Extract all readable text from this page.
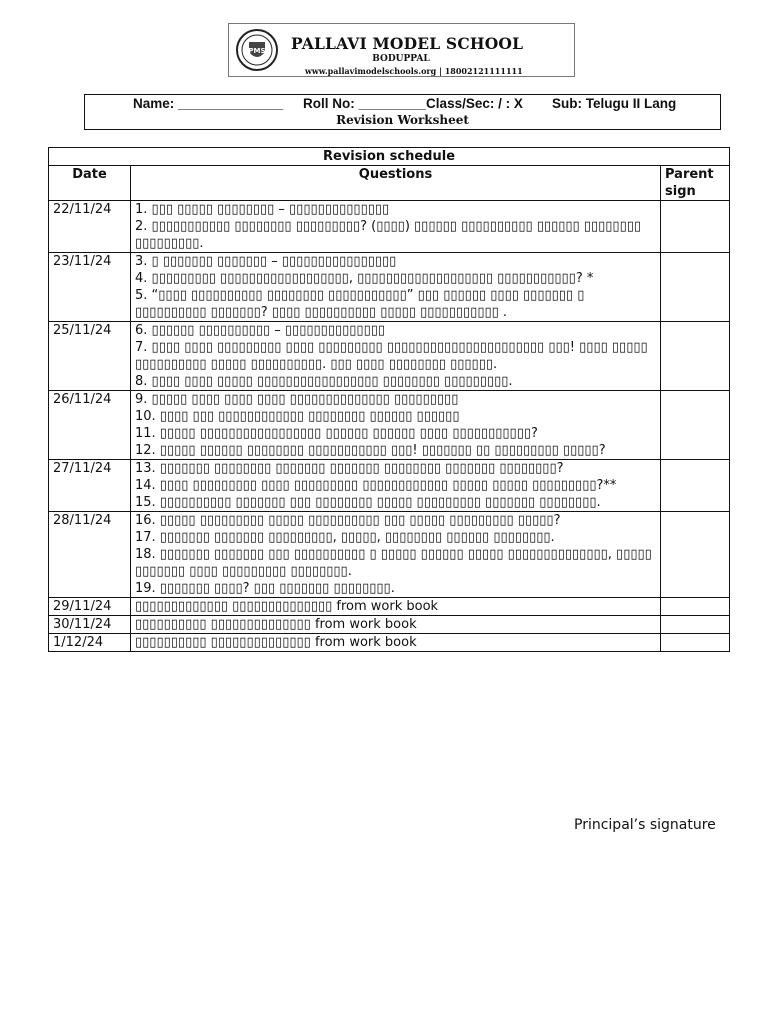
PMS PALLAVI MODEL SCHOOL
BODUPPAL
www.pallavimodelschools.org | 18002121111111
Name: ______________ Roll No: _________Class/Sec: / : X Sub: Telugu II Lang
Revision Worksheet
Revision schedule		
Date	Questions	Parent sign
22/11/24	1. ▯▯▯ ▯▯▯▯▯ ▯▯▯▯▯▯▯▯ – ▯▯▯▯▯▯▯▯▯▯▯▯▯▯
2. ▯▯▯▯▯▯▯▯▯▯▯ ▯▯▯▯▯▯▯▯ ▯▯▯▯▯▯▯▯▯? (▯▯▯▯) ▯▯▯▯▯▯ ▯▯▯▯▯▯▯▯▯▯ ▯▯▯▯▯▯ ▯▯▯▯▯▯▯▯ ▯▯▯▯▯▯▯▯▯.	

23/11/24	3. ▯ ▯▯▯▯▯▯▯ ▯▯▯▯▯▯▯ – ▯▯▯▯▯▯▯▯▯▯▯▯▯▯▯▯
4. ▯▯▯▯▯▯▯▯▯ ▯▯▯▯▯▯▯▯▯▯▯▯▯▯▯▯▯▯, ▯▯▯▯▯▯▯▯▯▯▯▯▯▯▯▯▯▯▯ ▯▯▯▯▯▯▯▯▯▯▯? *
5. “▯▯▯▯ ▯▯▯▯▯▯▯▯▯▯ ▯▯▯▯▯▯▯▯ ▯▯▯▯▯▯▯▯▯▯▯” ▯▯▯ ▯▯▯▯▯▯ ▯▯▯▯ ▯▯▯▯▯▯▯ ▯ ▯▯▯▯▯▯▯▯▯▯ ▯▯▯▯▯▯▯? ▯▯▯▯ ▯▯▯▯▯▯▯▯▯▯ ▯▯▯▯▯ ▯▯▯▯▯▯▯▯▯▯▯ .	

25/11/24	6. ▯▯▯▯▯▯ ▯▯▯▯▯▯▯▯▯▯ – ▯▯▯▯▯▯▯▯▯▯▯▯▯▯
7. ▯▯▯▯ ▯▯▯▯ ▯▯▯▯▯▯▯▯▯ ▯▯▯▯ ▯▯▯▯▯▯▯▯▯ ▯▯▯▯▯▯▯▯▯▯▯▯▯▯▯▯▯▯▯▯▯▯ ▯▯▯! ▯▯▯▯ ▯▯▯▯▯ ▯▯▯▯▯▯▯▯▯▯ ▯▯▯▯▯ ▯▯▯▯▯▯▯▯▯▯. ▯▯▯ ▯▯▯▯ ▯▯▯▯▯▯▯▯ ▯▯▯▯▯▯.
8. ▯▯▯▯ ▯▯▯▯ ▯▯▯▯▯ ▯▯▯▯▯▯▯▯▯▯▯▯▯▯▯▯▯ ▯▯▯▯▯▯▯▯ ▯▯▯▯▯▯▯▯▯.	

26/11/24	9. ▯▯▯▯▯ ▯▯▯▯ ▯▯▯▯ ▯▯▯▯ ▯▯▯▯▯▯▯▯▯▯▯▯▯▯ ▯▯▯▯▯▯▯▯▯
10. ▯▯▯▯ ▯▯▯ ▯▯▯▯▯▯▯▯▯▯▯▯ ▯▯▯▯▯▯▯▯ ▯▯▯▯▯▯ ▯▯▯▯▯▯
11. ▯▯▯▯▯ ▯▯▯▯▯▯▯▯▯▯▯▯▯▯▯▯▯ ▯▯▯▯▯▯ ▯▯▯▯▯▯ ▯▯▯▯ ▯▯▯▯▯▯▯▯▯▯▯?
12. ▯▯▯▯▯ ▯▯▯▯▯▯ ▯▯▯▯▯▯▯▯ ▯▯▯▯▯▯▯▯▯▯▯ ▯▯▯! ▯▯▯▯▯▯▯ ▯▯ ▯▯▯▯▯▯▯▯▯ ▯▯▯▯▯?	

27/11/24	13. ▯▯▯▯▯▯▯ ▯▯▯▯▯▯▯▯ ▯▯▯▯▯▯▯ ▯▯▯▯▯▯▯ ▯▯▯▯▯▯▯▯ ▯▯▯▯▯▯▯ ▯▯▯▯▯▯▯▯?
14. ▯▯▯▯ ▯▯▯▯▯▯▯▯▯ ▯▯▯▯ ▯▯▯▯▯▯▯▯▯ ▯▯▯▯▯▯▯▯▯▯▯▯ ▯▯▯▯▯ ▯▯▯▯▯ ▯▯▯▯▯▯▯▯▯?**
15. ▯▯▯▯▯▯▯▯▯▯ ▯▯▯▯▯▯▯ ▯▯▯ ▯▯▯▯▯▯▯▯ ▯▯▯▯▯ ▯▯▯▯▯▯▯▯▯ ▯▯▯▯▯▯▯ ▯▯▯▯▯▯▯▯.	

28/11/24	16. ▯▯▯▯▯ ▯▯▯▯▯▯▯▯▯ ▯▯▯▯▯ ▯▯▯▯▯▯▯▯▯▯ ▯▯▯ ▯▯▯▯▯ ▯▯▯▯▯▯▯▯▯ ▯▯▯▯▯?
17. ▯▯▯▯▯▯▯ ▯▯▯▯▯▯▯ ▯▯▯▯▯▯▯▯▯, ▯▯▯▯▯, ▯▯▯▯▯▯▯▯ ▯▯▯▯▯▯ ▯▯▯▯▯▯▯▯.
18. ▯▯▯▯▯▯▯ ▯▯▯▯▯▯▯ ▯▯▯ ▯▯▯▯▯▯▯▯▯▯ ▯ ▯▯▯▯▯ ▯▯▯▯▯▯ ▯▯▯▯▯ ▯▯▯▯▯▯▯▯▯▯▯▯▯▯, ▯▯▯▯▯ ▯▯▯▯▯▯▯ ▯▯▯▯ ▯▯▯▯▯▯▯▯▯ ▯▯▯▯▯▯▯▯.
19. ▯▯▯▯▯▯▯ ▯▯▯▯? ▯▯▯ ▯▯▯▯▯▯▯ ▯▯▯▯▯▯▯▯.	

29/11/24	▯▯▯▯▯▯▯▯▯▯▯▯▯ ▯▯▯▯▯▯▯▯▯▯▯▯▯▯ from work book	

30/11/24	▯▯▯▯▯▯▯▯▯▯ ▯▯▯▯▯▯▯▯▯▯▯▯▯▯ from work book	

1/12/24	▯▯▯▯▯▯▯▯▯▯ ▯▯▯▯▯▯▯▯▯▯▯▯▯▯ from work book	

Principal’s signature
